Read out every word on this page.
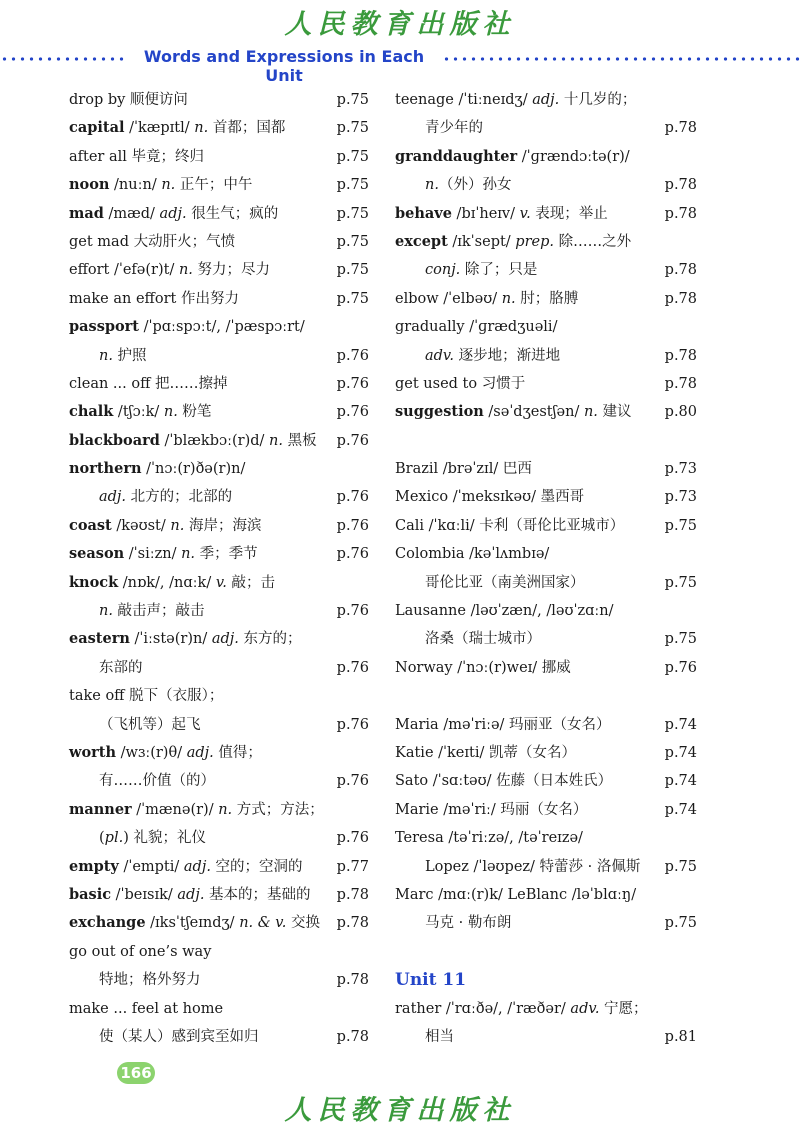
人民教育出版社
Words and Expressions in Each Unit
drop by 顺便访问	p.75
capital /ˈkæpɪtl/ n. 首都；国都	p.75
after all 毕竟；终归	p.75
noon /nuːn/ n. 正午；中午	p.75
mad /mæd/ adj. 很生气；疯的	p.75
get mad 大动肝火；气愤	p.75
effort /ˈefə(r)t/ n. 努力；尽力	p.75
make an effort 作出努力	p.75
passport /ˈpɑːspɔːt/, /ˈpæspɔːrt/
n. 护照	p.76
clean ... off 把……擦掉	p.76
chalk /tʃɔːk/ n. 粉笔	p.76
blackboard /ˈblækbɔː(r)d/ n. 黑板 p.76
northern /ˈnɔː(r)ðə(r)n/
adj. 北方的；北部的	p.76
coast /kəʊst/ n. 海岸；海滨	p.76
season /ˈsiːzn/ n. 季；季节	p.76
knock /nɒk/, /nɑːk/ v. 敲；击
n. 敲击声；敲击	p.76
eastern /ˈiːstə(r)n/ adj. 东方的；
东部的	p.76
take off 脱下（衣服）；
（飞机等）起飞	p.76
worth /wɜː(r)θ/ adj. 值得；
有……价值（的）	p.76
manner /ˈmænə(r)/ n. 方式；方法；
(pl.) 礼貌；礼仪	p.76
empty /ˈempti/ adj. 空的；空洞的 p.77
basic /ˈbeɪsɪk/ adj. 基本的；基础的 p.78
exchange /ɪksˈtʃeɪndʒ/ n. & v. 交换 p.78
go out of one’s way
特地；格外努力	p.78
make ... feel at home
使（某人）感到宾至如归	p.78
teenage /ˈtiːneɪdʒ/ adj. 十几岁的；
青少年的	p.78
granddaughter /ˈɡrændɔːtə(r)/
n.（外）孙女	p.78
behave /bɪˈheɪv/ v. 表现；举止	p.78
except /ɪkˈsept/ prep. 除……之外
conj. 除了；只是	p.78
elbow /ˈelbəʊ/ n. 肘；胳膊	p.78
gradually /ˈɡrædʒuəli/
adv. 逐步地；渐进地	p.78
get used to 习惯于	p.78
suggestion /səˈdʒestʃən/ n. 建议 p.80
Brazil /brəˈzɪl/ 巴西	p.73
Mexico /ˈmeksɪkəʊ/ 墨西哥	p.73
Cali /ˈkɑːli/ 卡利（哥伦比亚城市）	p.75
Colombia /kəˈlʌmbɪə/
哥伦比亚（南美洲国家）	p.75
Lausanne /ləʊˈzæn/, /ləʊˈzɑːn/
洛桑（瑞士城市）	p.75
Norway /ˈnɔː(r)weɪ/ 挪威	p.76
Maria /məˈriːə/ 玛丽亚（女名）	p.74
Katie /ˈkeɪti/ 凯蒂（女名）	p.74
Sato /ˈsɑːtəʊ/ 佐藤（日本姓氏）	p.74
Marie /məˈriː/ 玛丽（女名）	p.74
Teresa /təˈriːzə/, /təˈreɪzə/
Lopez /ˈləʊpez/ 特蕾莎 · 洛佩斯 p.75
Marc /mɑː(r)k/ LeBlanc /ləˈblɑːŋ/
马克 · 勒布朗	p.75
Unit 11
rather /ˈrɑːðə/, /ˈræðər/ adv. 宁愿；
相当	p.81
166
人民教育出版社
